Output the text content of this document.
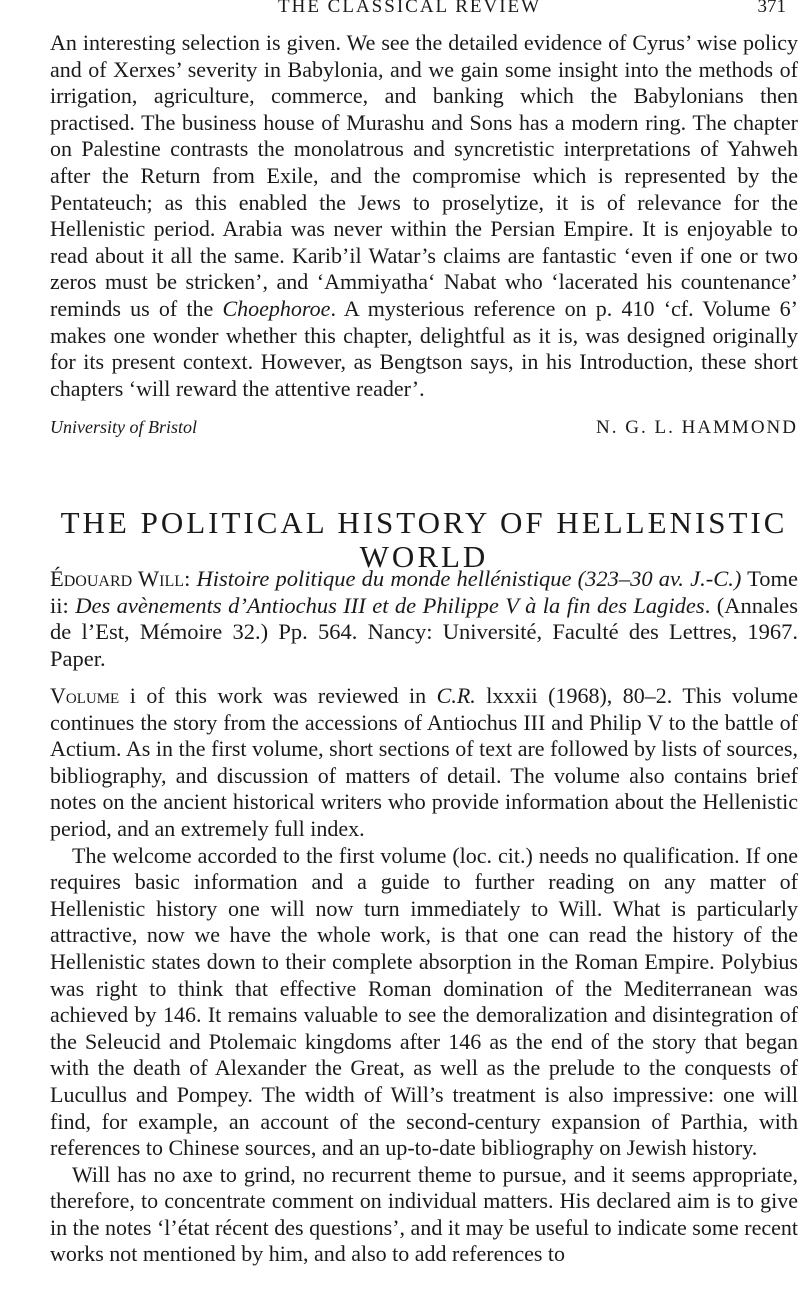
THE CLASSICAL REVIEW	371

An interesting selection is given. We see the detailed evidence of Cyrus’ wise policy and of Xerxes’ severity in Babylonia, and we gain some insight into the methods of irrigation, agriculture, commerce, and banking which the Babylonians then practised. The business house of Murashu and Sons has a modern ring. The chapter on Palestine contrasts the monolatrous and syncretistic interpretations of Yahweh after the Return from Exile, and the compromise which is represented by the Pentateuch; as this enabled the Jews to proselytize, it is of relevance for the Hellenistic period. Arabia was never within the Persian Empire. It is enjoyable to read about it all the same. Karib’il Watar’s claims are fantastic ‘even if one or two zeros must be stricken’, and ‘Ammiyatha‘ Nabat who ‘lacerated his countenance’ reminds us of the Choephoroe. A mysterious reference on p. 410 ‘cf. Volume 6’ makes one wonder whether this chapter, delightful as it is, was designed originally for its present context. However, as Bengtson says, in his Introduction, these short chapters ‘will reward the attentive reader’.

University of Bristol	N. G. L. HAMMOND
THE POLITICAL HISTORY OF HELLENISTIC WORLD

Édouard Will: Histoire politique du monde hellénistique (323–30 av. J.-C.) Tome ii: Des avènements d’Antiochus III et de Philippe V à la fin des Lagides. (Annales de l’Est, Mémoire 32.) Pp. 564. Nancy: Université, Faculté des Lettres, 1967. Paper.

Volume i of this work was reviewed in C.R. lxxxii (1968), 80–2. This volume continues the story from the accessions of Antiochus III and Philip V to the battle of Actium. As in the first volume, short sections of text are followed by lists of sources, bibliography, and discussion of matters of detail. The volume also contains brief notes on the ancient historical writers who provide information about the Hellenistic period, and an extremely full index.

The welcome accorded to the first volume (loc. cit.) needs no qualification. If one requires basic information and a guide to further reading on any matter of Hellenistic history one will now turn immediately to Will. What is particularly attractive, now we have the whole work, is that one can read the history of the Hellenistic states down to their complete absorption in the Roman Empire. Polybius was right to think that effective Roman domination of the Mediterranean was achieved by 146. It remains valuable to see the demoralization and disintegration of the Seleucid and Ptolemaic kingdoms after 146 as the end of the story that began with the death of Alexander the Great, as well as the prelude to the conquests of Lucullus and Pompey. The width of Will’s treatment is also impressive: one will find, for example, an account of the second-century expansion of Parthia, with references to Chinese sources, and an up-to-date bibliography on Jewish history.

Will has no axe to grind, no recurrent theme to pursue, and it seems appropriate, therefore, to concentrate comment on individual matters. His declared aim is to give in the notes ‘l’état récent des questions’, and it may be useful to indicate some recent works not mentioned by him, and also to add references to
